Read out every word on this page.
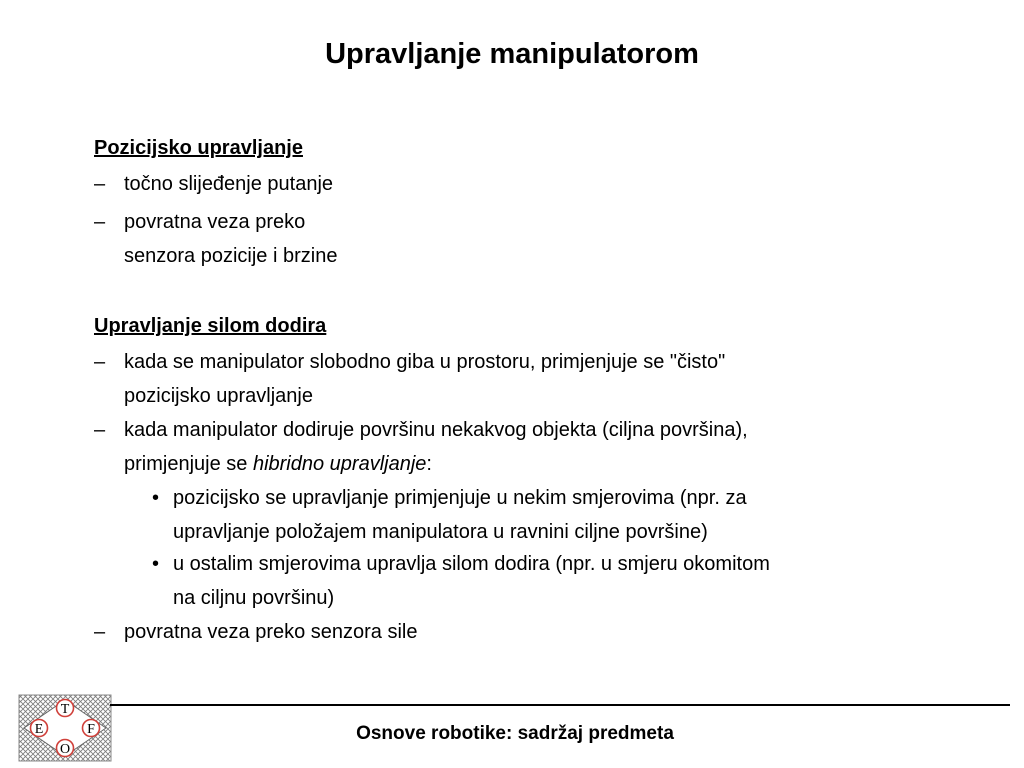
Upravljanje manipulatorom
Pozicijsko upravljanje
– točno slijeđenje putanje
– povratna veza preko
senzora pozicije i brzine
Upravljanje silom dodira
– kada se manipulator slobodno giba u prostoru, primjenjuje se "čisto"
pozicijsko upravljanje
– kada manipulator dodiruje površinu nekakvog objekta (ciljna površina),
primjenjuje se hibridno upravljanje:
• pozicijsko se upravljanje primjenjuje u nekim smjerovima (npr. za
upravljanje položajem manipulatora u ravnini ciljne površine)
• u ostalim smjerovima upravlja silom dodira (npr. u smjeru okomitom
na ciljnu površinu)
– povratna veza preko senzora sile
T
E	F
O
Osnove robotike: sadržaj predmeta
